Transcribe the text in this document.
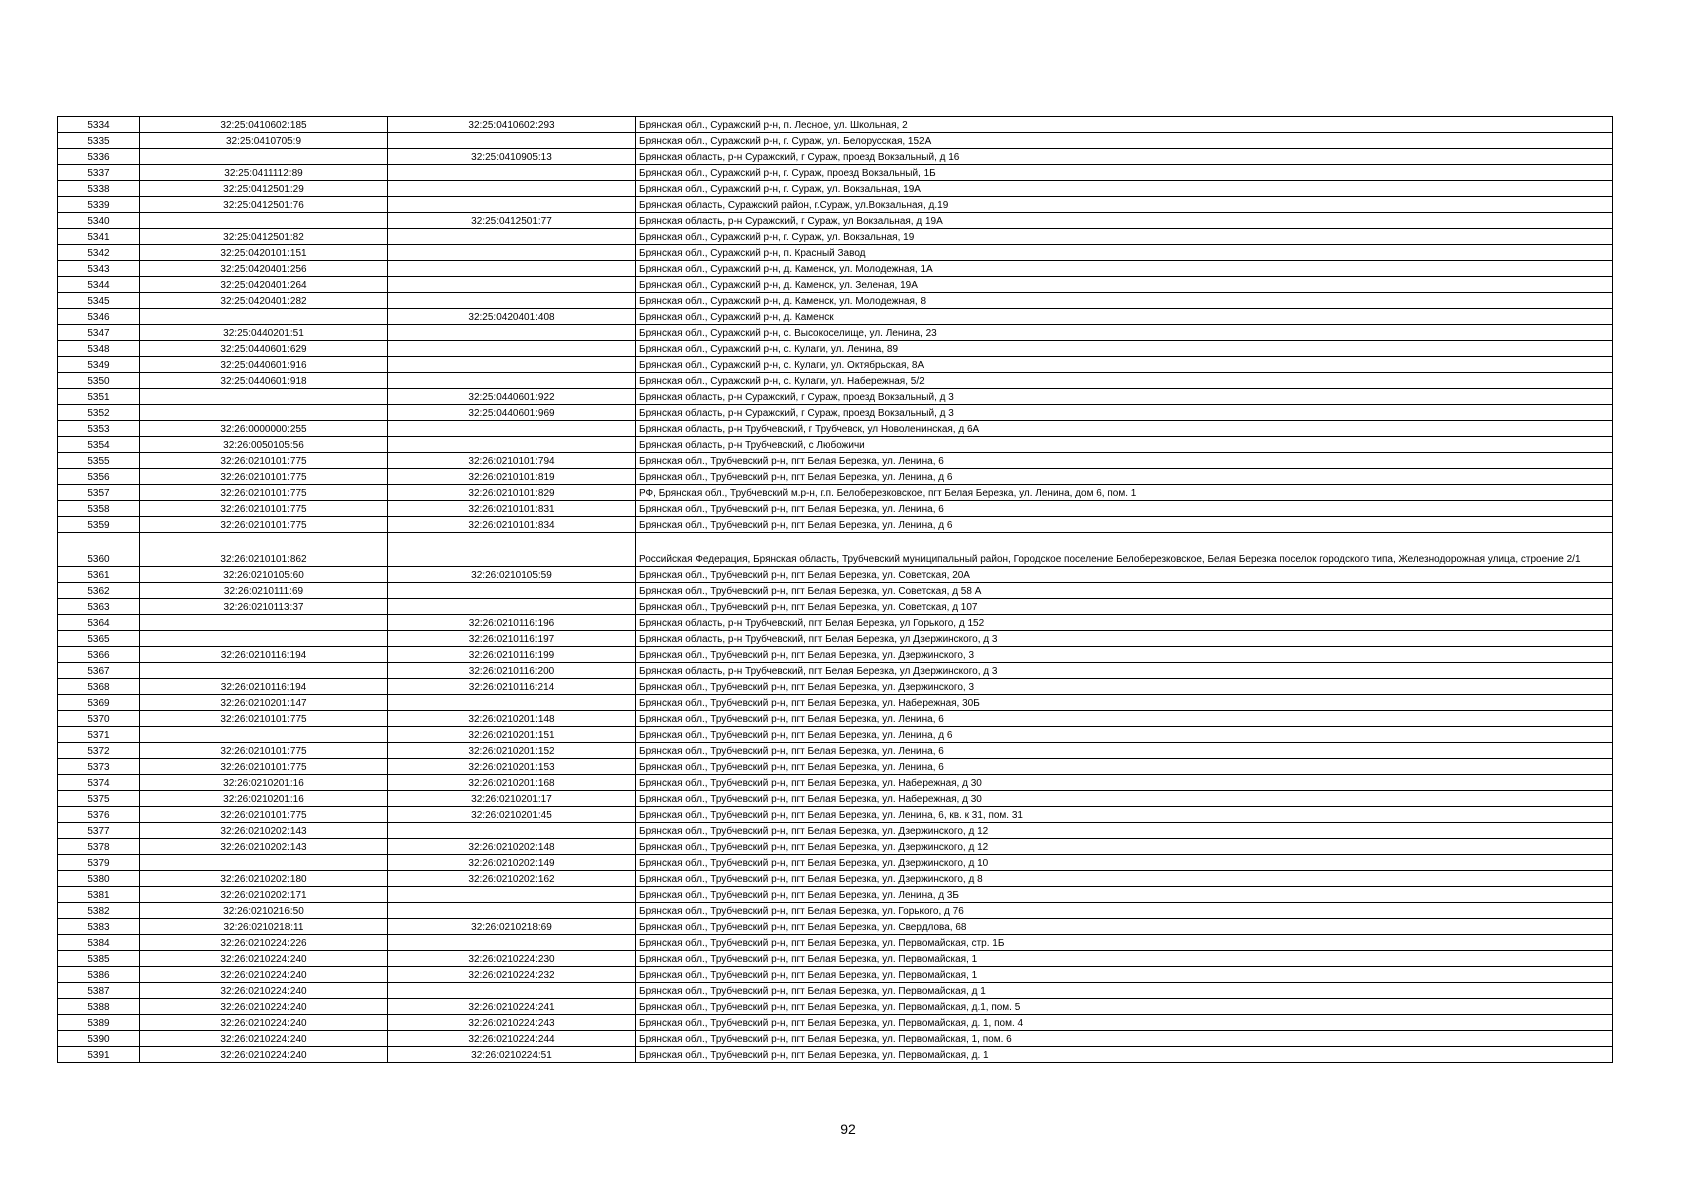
5334	32:25:0410602:185	32:25:0410602:293	Брянская обл., Суражский р-н, п. Лесное, ул. Школьная, 2
5335	32:25:0410705:9		Брянская обл., Суражский р-н, г. Сураж, ул. Белорусская, 152А
5336		32:25:0410905:13	Брянская область, р-н Суражский, г Сураж, проезд Вокзальный, д 16
5337	32:25:0411112:89		Брянская обл., Суражский р-н, г. Сураж, проезд Вокзальный, 1Б
5338	32:25:0412501:29		Брянская обл., Суражский р-н, г. Сураж, ул. Вокзальная, 19А
5339	32:25:0412501:76		Брянская область, Суражский район, г.Сураж, ул.Вокзальная, д.19
5340		32:25:0412501:77	Брянская область, р-н Суражский, г Сураж, ул Вокзальная, д 19А
5341	32:25:0412501:82		Брянская обл., Суражский р-н, г. Сураж, ул. Вокзальная, 19
5342	32:25:0420101:151		Брянская обл., Суражский р-н, п. Красный Завод
5343	32:25:0420401:256		Брянская обл., Суражский р-н, д. Каменск, ул. Молодежная, 1А
5344	32:25:0420401:264		Брянская обл., Суражский р-н, д. Каменск, ул. Зеленая, 19А
5345	32:25:0420401:282		Брянская обл., Суражский р-н, д. Каменск, ул. Молодежная, 8
5346		32:25:0420401:408	Брянская обл., Суражский р-н, д. Каменск
5347	32:25:0440201:51		Брянская обл., Суражский р-н, с. Высокоселище, ул. Ленина, 23
5348	32:25:0440601:629		Брянская обл., Суражский р-н, с. Кулаги, ул. Ленина, 89
5349	32:25:0440601:916		Брянская обл., Суражский р-н, с. Кулаги, ул. Октябрьская, 8А
5350	32:25:0440601:918		Брянская обл., Суражский р-н, с. Кулаги, ул. Набережная, 5/2
5351		32:25:0440601:922	Брянская область, р-н Суражский, г Сураж, проезд Вокзальный, д 3
5352		32:25:0440601:969	Брянская область, р-н Суражский, г Сураж, проезд Вокзальный, д 3
5353	32:26:0000000:255		Брянская область, р-н Трубчевский, г Трубчевск, ул Новоленинская, д 6А
5354	32:26:0050105:56		Брянская область, р-н Трубчевский, с Любожичи
5355	32:26:0210101:775	32:26:0210101:794	Брянская обл., Трубчевский р-н, пгт Белая Березка, ул. Ленина, 6
5356	32:26:0210101:775	32:26:0210101:819	Брянская обл., Трубчевский р-н, пгт Белая Березка, ул. Ленина, д 6
5357	32:26:0210101:775	32:26:0210101:829	РФ, Брянская обл., Трубчевский м.р-н, г.п. Белоберезковское, пгт Белая Березка, ул. Ленина, дом 6, пом. 1
5358	32:26:0210101:775	32:26:0210101:831	Брянская обл., Трубчевский р-н, пгт Белая Березка, ул. Ленина, 6
5359	32:26:0210101:775	32:26:0210101:834	Брянская обл., Трубчевский р-н, пгт Белая Березка, ул. Ленина, д 6
5360	32:26:0210101:862		Российская Федерация, Брянская область, Трубчевский муниципальный район, Городское поселение Белоберезковское, Белая Березка поселок городского типа, Железнодорожная улица, строение 2/1
5361	32:26:0210105:60	32:26:0210105:59	Брянская обл., Трубчевский р-н, пгт Белая Березка, ул. Советская, 20А
5362	32:26:0210111:69		Брянская обл., Трубчевский р-н, пгт Белая Березка, ул. Советская, д 58 А
5363	32:26:0210113:37		Брянская обл., Трубчевский р-н, пгт Белая Березка, ул. Советская, д 107
5364		32:26:0210116:196	Брянская область, р-н Трубчевский, пгт Белая Березка, ул Горького, д 152
5365		32:26:0210116:197	Брянская область, р-н Трубчевский, пгт Белая Березка, ул Дзержинского, д 3
5366	32:26:0210116:194	32:26:0210116:199	Брянская обл., Трубчевский р-н, пгт Белая Березка, ул. Дзержинского, 3
5367		32:26:0210116:200	Брянская область, р-н Трубчевский, пгт Белая Березка, ул Дзержинского, д 3
5368	32:26:0210116:194	32:26:0210116:214	Брянская обл., Трубчевский р-н, пгт Белая Березка, ул. Дзержинского, 3
5369	32:26:0210201:147		Брянская обл., Трубчевский р-н, пгт Белая Березка, ул. Набережная, 30Б
5370	32:26:0210101:775	32:26:0210201:148	Брянская обл., Трубчевский р-н, пгт Белая Березка, ул. Ленина, 6
5371		32:26:0210201:151	Брянская обл., Трубчевский р-н, пгт Белая Березка, ул. Ленина, д 6
5372	32:26:0210101:775	32:26:0210201:152	Брянская обл., Трубчевский р-н, пгт Белая Березка, ул. Ленина, 6
5373	32:26:0210101:775	32:26:0210201:153	Брянская обл., Трубчевский р-н, пгт Белая Березка, ул. Ленина, 6
5374	32:26:0210201:16	32:26:0210201:168	Брянская обл., Трубчевский р-н, пгт Белая Березка, ул. Набережная, д 30
5375	32:26:0210201:16	32:26:0210201:17	Брянская обл., Трубчевский р-н, пгт Белая Березка, ул. Набережная, д 30
5376	32:26:0210101:775	32:26:0210201:45	Брянская обл., Трубчевский р-н, пгт Белая Березка, ул. Ленина, 6, кв. к 31, пом. 31
5377	32:26:0210202:143		Брянская обл., Трубчевский р-н, пгт Белая Березка, ул. Дзержинского, д 12
5378	32:26:0210202:143	32:26:0210202:148	Брянская обл., Трубчевский р-н, пгт Белая Березка, ул. Дзержинского, д 12
5379		32:26:0210202:149	Брянская обл., Трубчевский р-н, пгт Белая Березка, ул. Дзержинского, д 10
5380	32:26:0210202:180	32:26:0210202:162	Брянская обл., Трубчевский р-н, пгт Белая Березка, ул. Дзержинского, д 8
5381	32:26:0210202:171		Брянская обл., Трубчевский р-н, пгт Белая Березка, ул. Ленина, д 3Б
5382	32:26:0210216:50		Брянская обл., Трубчевский р-н, пгт Белая Березка, ул. Горького, д 76
5383	32:26:0210218:11	32:26:0210218:69	Брянская обл., Трубчевский р-н, пгт Белая Березка, ул. Свердлова, 68
5384	32:26:0210224:226		Брянская обл., Трубчевский р-н, пгт Белая Березка, ул. Первомайская, стр. 1Б
5385	32:26:0210224:240	32:26:0210224:230	Брянская обл., Трубчевский р-н, пгт Белая Березка, ул. Первомайская, 1
5386	32:26:0210224:240	32:26:0210224:232	Брянская обл., Трубчевский р-н, пгт Белая Березка, ул. Первомайская, 1
5387	32:26:0210224:240		Брянская обл., Трубчевский р-н, пгт Белая Березка, ул. Первомайская, д 1
5388	32:26:0210224:240	32:26:0210224:241	Брянская обл., Трубчевский р-н, пгт Белая Березка, ул. Первомайская, д.1, пом. 5
5389	32:26:0210224:240	32:26:0210224:243	Брянская обл., Трубчевский р-н, пгт Белая Березка, ул. Первомайская, д. 1, пом. 4
5390	32:26:0210224:240	32:26:0210224:244	Брянская обл., Трубчевский р-н, пгт Белая Березка, ул. Первомайская, 1, пом. 6
5391	32:26:0210224:240	32:26:0210224:51	Брянская обл., Трубчевский р-н, пгт Белая Березка, ул. Первомайская, д. 1
92
